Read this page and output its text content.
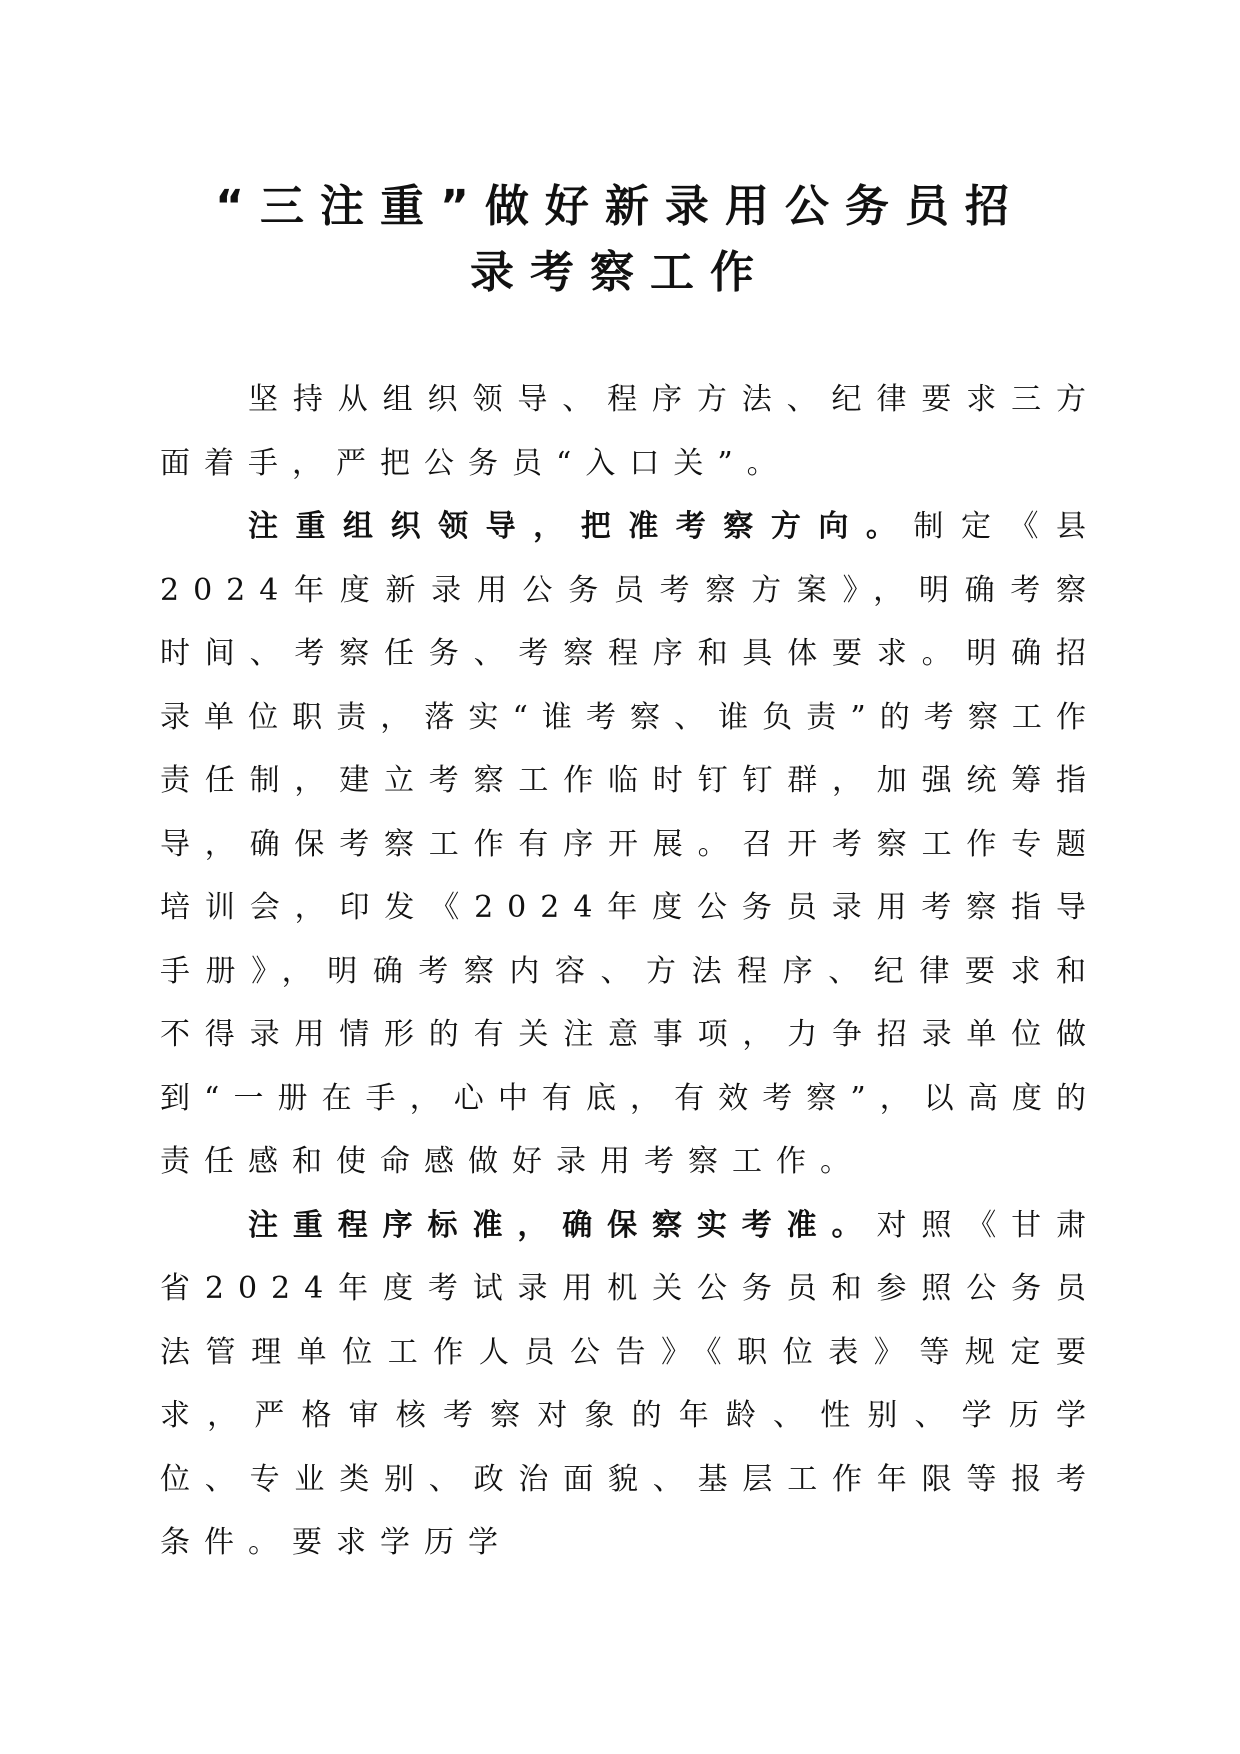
“三注重”做好新录用公务员招
录考察工作

坚持从组织领导、程序方法、纪律要求三方面着手，严把公务员“入口关”。

注重组织领导，把准考察方向。制定《县2024年度新录用公务员考察方案》，明确考察时间、考察任务、考察程序和具体要求。明确招录单位职责，落实“谁考察、谁负责”的考察工作责任制，建立考察工作临时钉钉群，加强统筹指导，确保考察工作有序开展。召开考察工作专题培训会，印发《2024年度公务员录用考察指导手册》，明确考察内容、方法程序、纪律要求和不得录用情形的有关注意事项，力争招录单位做到“一册在手，心中有底，有效考察”，以高度的责任感和使命感做好录用考察工作。

注重程序标准，确保察实考准。对照《甘肃省2024年度考试录用机关公务员和参照公务员法管理单位工作人员公告》《职位表》等规定要求，严格审核考察对象的年龄、性别、学历学位、专业类别、政治面貌、基层工作年限等报考条件。要求学历学
